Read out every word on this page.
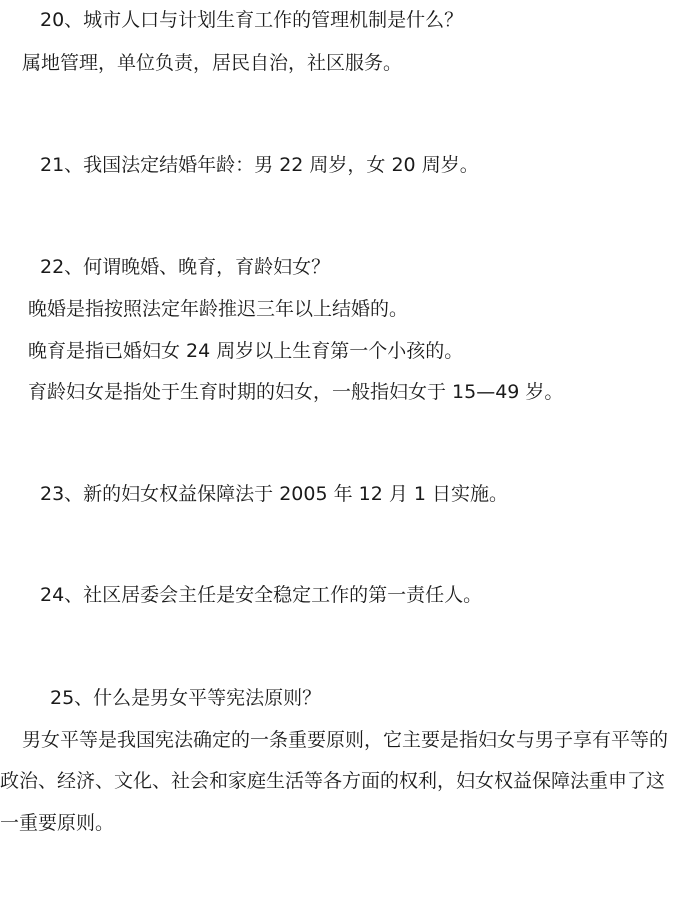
20、城市人口与计划生育工作的管理机制是什么？
属地管理，单位负责，居民自治，社区服务。
21、我国法定结婚年龄：男 22 周岁，女 20 周岁。
22、何谓晚婚、晚育，育龄妇女？
晚婚是指按照法定年龄推迟三年以上结婚的。
晚育是指已婚妇女 24 周岁以上生育第一个小孩的。
育龄妇女是指处于生育时期的妇女，一般指妇女于 15—49 岁。
23、新的妇女权益保障法于 2005 年 12 月 1 日实施。
24、社区居委会主任是安全稳定工作的第一责任人。
25、什么是男女平等宪法原则？
男女平等是我国宪法确定的一条重要原则，它主要是指妇女与男子享有平等的
政治、经济、文化、社会和家庭生活等各方面的权利，妇女权益保障法重申了这
一重要原则。
